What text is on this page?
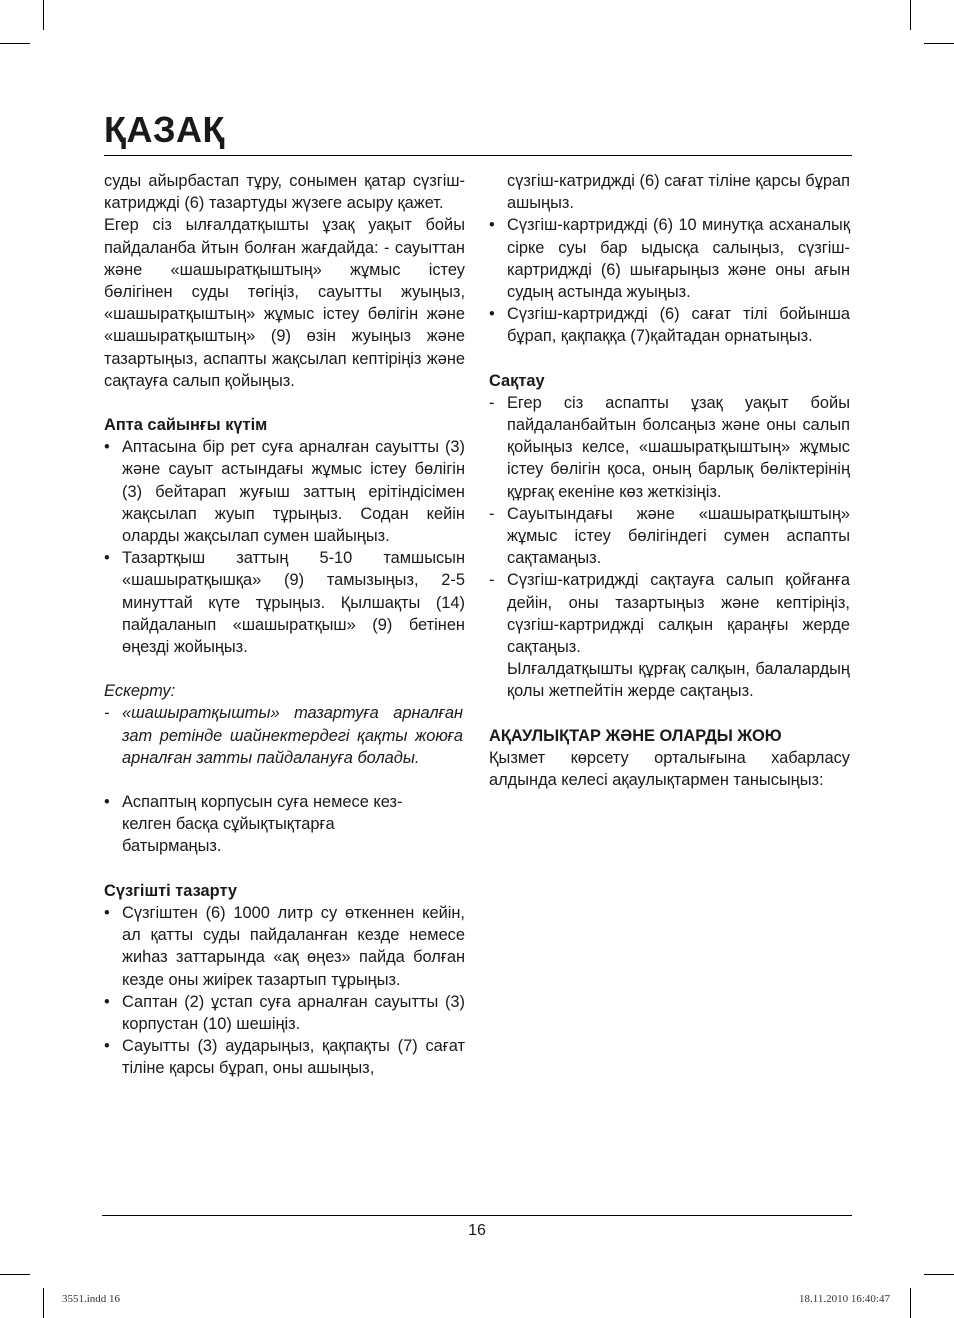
ҚАЗАҚ

суды айырбастап тұру, сонымен қатар сүзгіш-катриджді (6) тазартуды жүзеге асыру қажет.

Егер сіз ылғалдатқышты ұзақ уақыт бойы пайдаланба йтын болған жағдайда: - сауыттан және «шашыратқыштың» жұмыс істеу бөлігінен суды төгіңіз, сауытты жуыңыз, «шашыратқыштың» жұмыс істеу бөлігін және «шашыратқыштың» (9) өзін жуыңыз және тазартыңыз, аспапты жақсылап кептіріңіз және сақтауға салып қойыңыз.

Апта сайынғы күтім

• Аптасына бір рет суға арналған сауытты (3) және сауыт астындағы жұмыс істеу бөлігін (3) бейтарап жуғыш заттың ерітіндісімен жақсылап жуып тұрыңыз. Содан кейін оларды жақсылап сумен шайыңыз.
• Тазартқыш заттың 5-10 тамшысын «шашыратқышқа» (9) тамызыңыз, 2-5 минуттай күте тұрыңыз. Қылшақты (14) пайдаланып «шашыратқыш» (9) бетінен өңезді жойыңыз.

Ескерту:

- «шашыратқышты» тазартуға арналған зат ретінде шайнектердегі қақты жоюға арналған затты пайдалануға болады.
• Аспаптың корпусын суға немесе кез-келген басқа сұйықтықтарға батырмаңыз.

Сүзгішті тазарту

• Сүзгіштен (6) 1000 литр су өткеннен кейін, ал қатты суды пайдаланған кезде немесе жиһаз заттарында «ақ өңез» пайда болған кезде оны жиірек тазартып тұрыңыз.
• Саптан (2) ұстап суға арналған сауытты (3) корпустан (10) шешіңіз.
• Сауытты (3) аударыңыз, қақпақты (7) сағат тіліне қарсы бұрап, оны ашыңыз,
сүзгіш-катриджді (6) сағат тіліне қарсы бұрап ашыңыз.
• Сүзгіш-картриджді (6) 10 минутқа асханалық сірке суы бар ыдысқа салыңыз, сүзгіш-картриджді (6) шығарыңыз және оны ағын судың астында жуыңыз.
• Сүзгіш-картриджді (6) сағат тілі бойынша бұрап, қақпаққа (7)қайтадан орнатыңыз.

Сақтау

- Егер сіз аспапты ұзақ уақыт бойы пайдаланбайтын болсаңыз және оны салып қойыңыз келсе, «шашыратқыштың» жұмыс істеу бөлігін қоса, оның барлық бөліктерінің құрғақ екеніне көз жеткізіңіз.
- Сауытындағы және «шашыратқыштың» жұмыс істеу бөлігіндегі сумен аспапты сақтамаңыз.
- Сүзгіш-катриджді сақтауға салып қойғанға дейін, оны тазартыңыз және кептіріңіз, сүзгіш-картриджді салқын қараңғы жерде сақтаңыз.
Ылғалдатқышты құрғақ салқын, балалардың қолы жетпейтін жерде сақтаңыз.

АҚАУЛЫҚТАР ЖӘНЕ ОЛАРДЫ ЖОЮ

Қызмет көрсету орталығына хабарласу алдында келесі ақаулықтармен танысыңыз:

16
3551.indd 16	18.11.2010 16:40:47
